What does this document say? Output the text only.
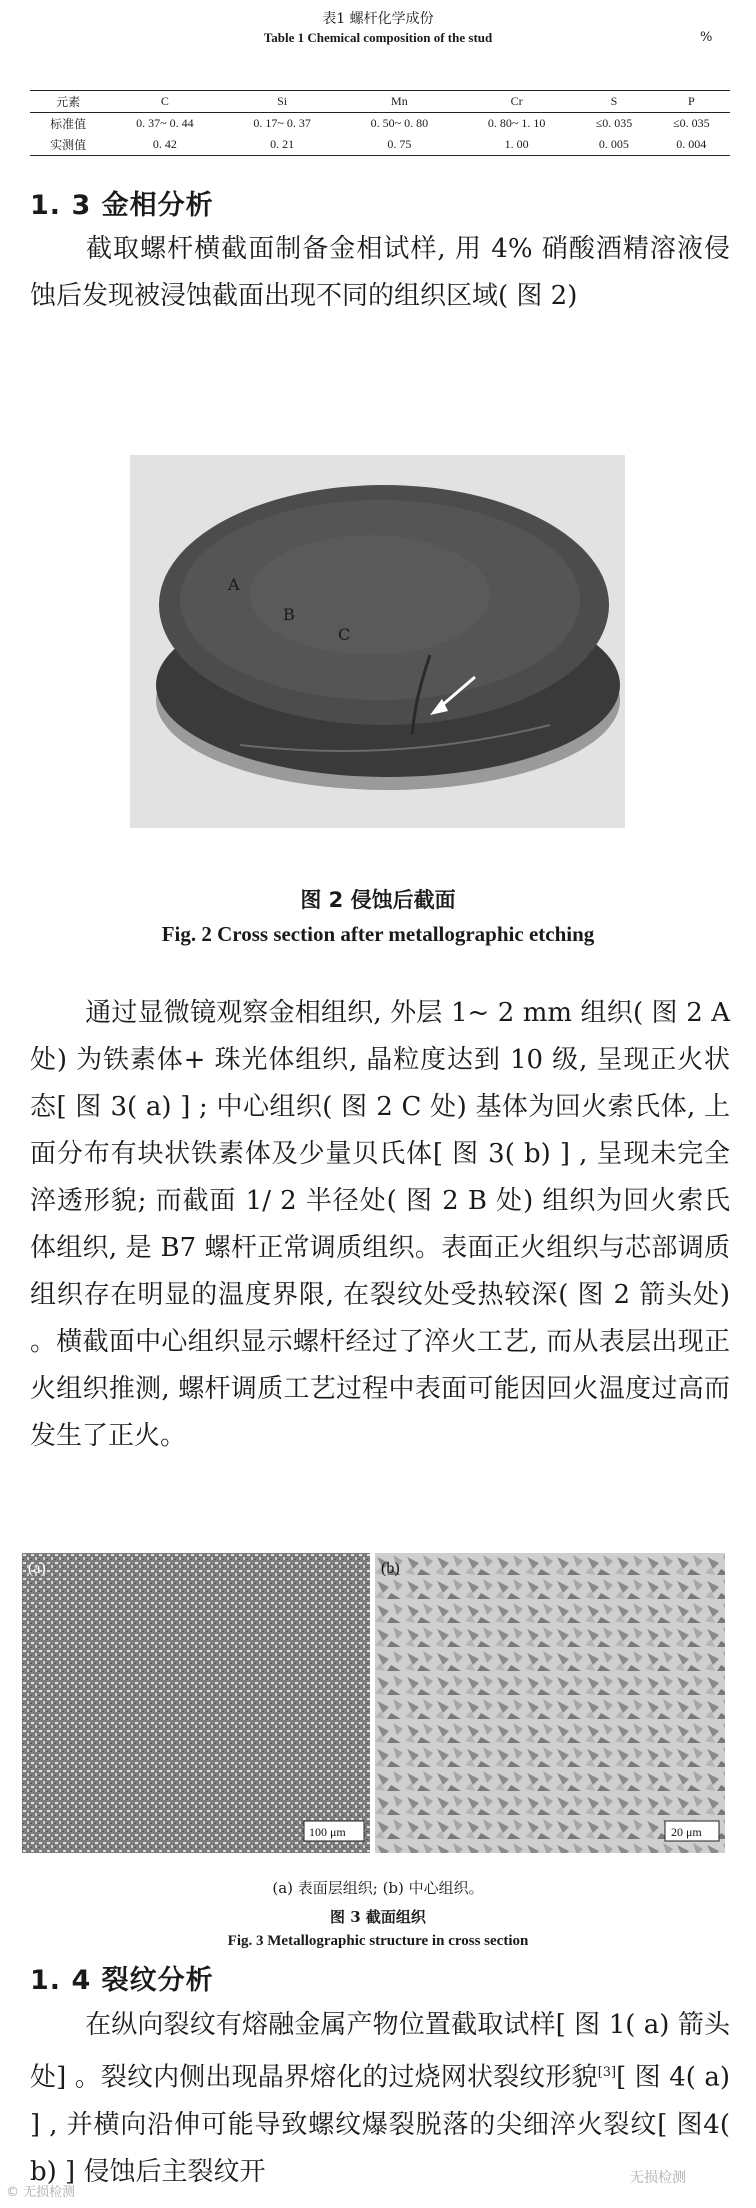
表1 螺杆化学成份
Table 1 Chemical composition of the stud	%
元素	C	Si	Mn	Cr	S	P
标准值	0. 37~ 0. 44	0. 17~ 0. 37	0. 50~ 0. 80	0. 80~ 1. 10	≤0. 035	≤0. 035
实测值	0. 42	0. 21	0. 75	1. 00	0. 005	0. 004
1. 3 金相分析
截取螺杆横截面制备金相试样, 用 4% 硝酸酒精溶液侵蚀后发现被浸蚀截面出现不同的组织区域( 图 2)
A
B
C
图 2 侵蚀后截面
Fig. 2 Cross section after metallographic etching
通过显微镜观察金相组织, 外层 1~ 2 mm 组织( 图 2 A 处) 为铁素体+ 珠光体组织, 晶粒度达到 10 级, 呈现正火状态[ 图 3( a) ] ; 中心组织( 图 2 C 处) 基体为回火索氏体, 上面分布有块状铁素体及少量贝氏体[ 图 3( b) ] , 呈现未完全淬透形貌; 而截面 1/ 2 半径处( 图 2 B 处) 组织为回火索氏体组织, 是 B7 螺杆正常调质组织。表面正火组织与芯部调质组织存在明显的温度界限, 在裂纹处受热较深( 图 2 箭头处) 。横截面中心组织显示螺杆经过了淬火工艺, 而从表层出现正火组织推测, 螺杆调质工艺过程中表面可能因回火温度过高而发生了正火。
(a)
100 μm
(b)
20 μm
(a) 表面层组织; (b) 中心组织。
图 3 截面组织
Fig. 3 Metallographic structure in cross section
1. 4 裂纹分析
在纵向裂纹有熔融金属产物位置截取试样[ 图 1( a) 箭头处] 。裂纹内侧出现晶界熔化的过烧网状裂纹形貌[3][ 图 4( a) ] , 并横向沿伸可能导致螺纹爆裂脱落的尖细淬火裂纹[ 图4( b) ] 侵蚀后主裂纹开
© 无损检测
无损检测
